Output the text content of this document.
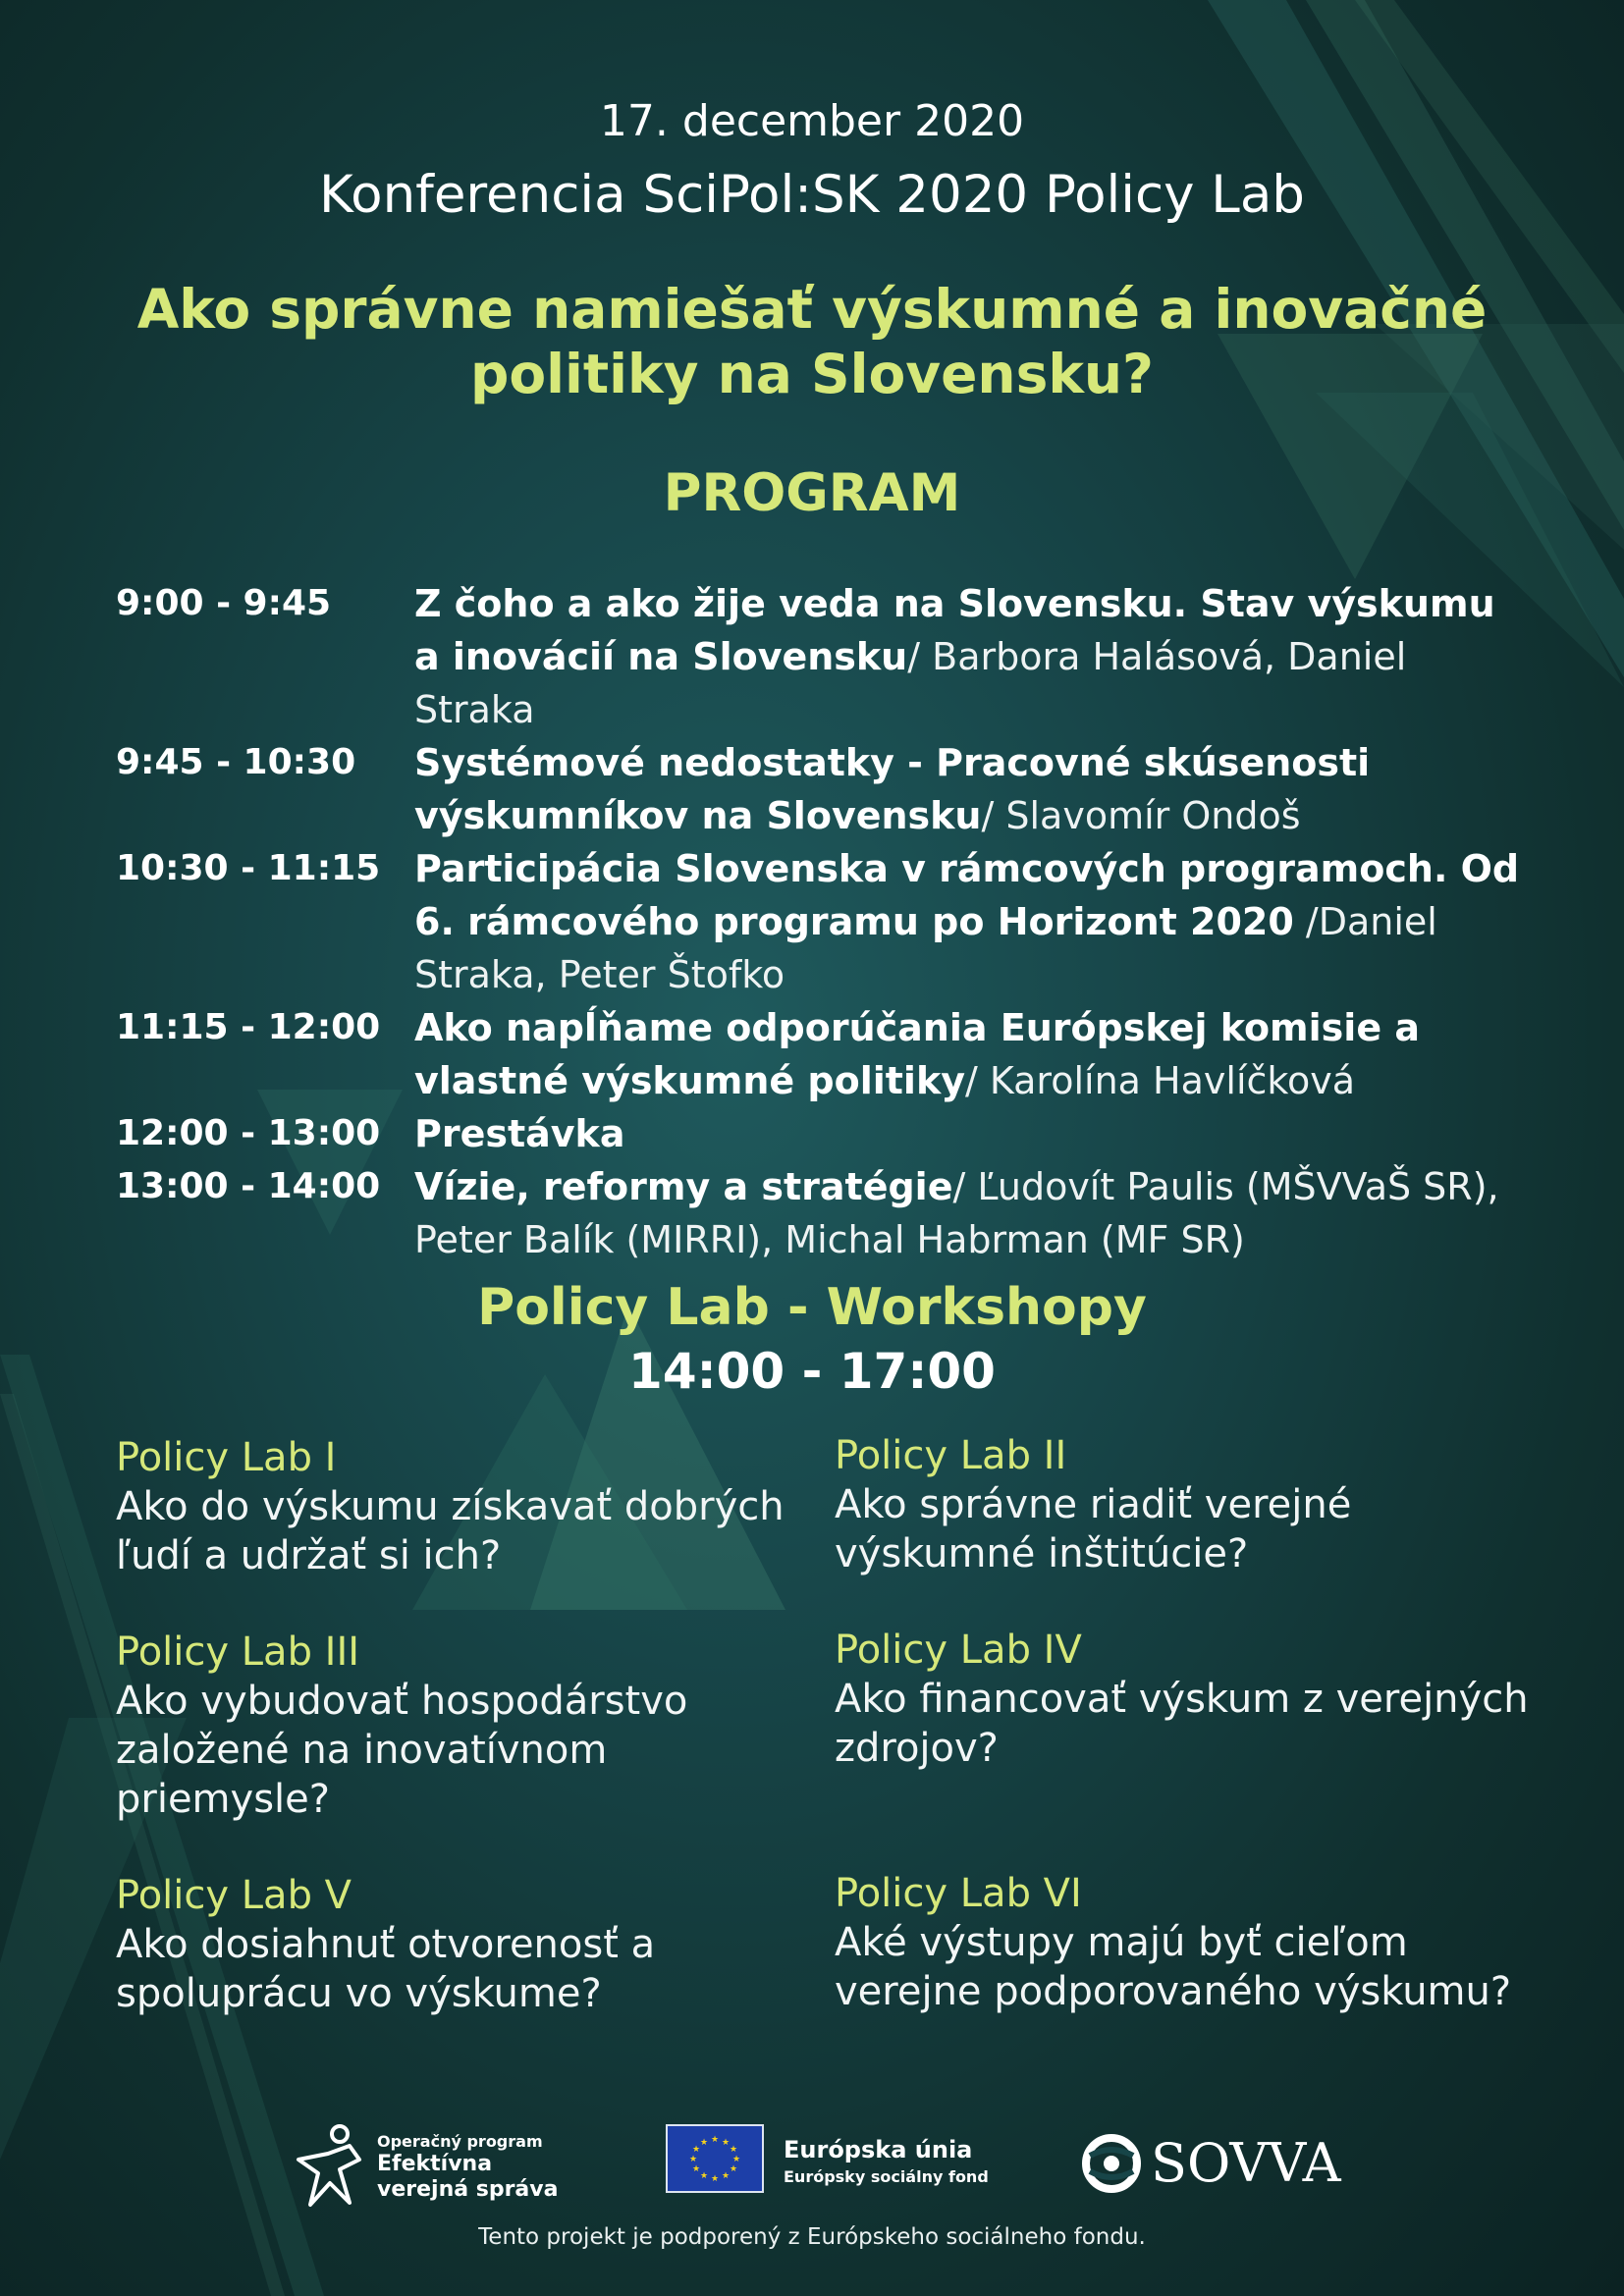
17. december 2020
Konferencia SciPol:SK 2020 Policy Lab
Ako správne namiešať výskumné a inovačné
politiky na Slovensku?
PROGRAM
9:00 - 9:45	Z čoho a ako žije veda na Slovensku. Stav výskumu a inovácií na Slovensku/ Barbora Halásová, Daniel Straka
9:45 - 10:30	Systémové nedostatky - Pracovné skúsenosti výskumníkov na Slovensku/ Slavomír Ondoš
10:30 - 11:15 Participácia Slovenska v rámcových programoch. Od 6. rámcového programu po Horizont 2020 /Daniel Straka, Peter Štofko
11:15 - 12:00 Ako napĺňame odporúčania Európskej komisie a vlastné výskumné politiky/ Karolína Havlíčková
12:00 - 13:00 Prestávka
13:00 - 14:00 Vízie, reformy a stratégie/ Ľudovít Paulis (MŠVVaŠ SR), Peter Balík (MIRRI), Michal Habrman (MF SR)
Policy Lab - Workshopy
14:00 - 17:00
Policy Lab I
Ako do výskumu získavať dobrých
ľudí a udržať si ich?
Policy Lab II
Ako správne riadiť verejné
výskumné inštitúcie?
Policy Lab III
Ako vybudovať hospodárstvo
založené na inovatívnom
priemysle?
Policy Lab IV
Ako financovať výskum z verejných
zdrojov?
Policy Lab V
Ako dosiahnuť otvorenosť a
spoluprácu vo výskume?
Policy Lab VI
Aké výstupy majú byť cieľom
verejne podporovaného výskumu?
Operačný program
Efektívna
verejná správa
★ ★
★
★
★
★
★
★
★
★
★
★	Európska únia
Európsky sociálny fond	SOVVA
Tento projekt je podporený z Európskeho sociálneho fondu.
